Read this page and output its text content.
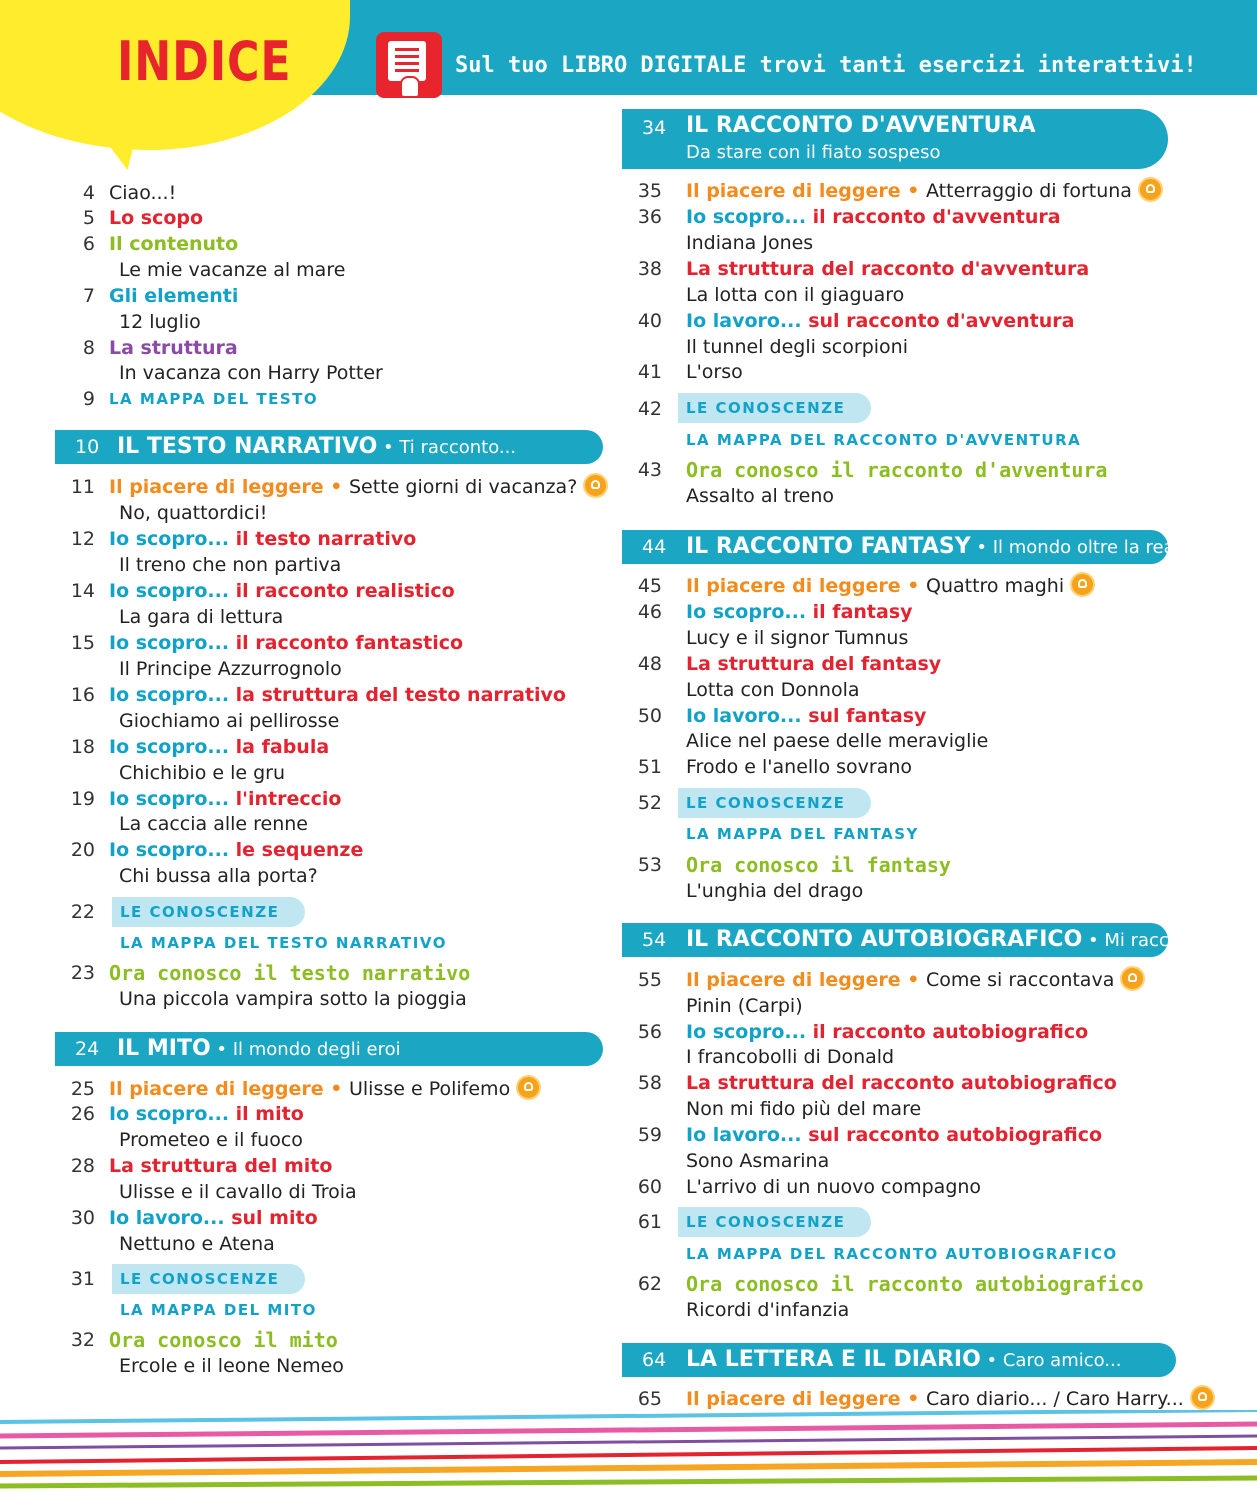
INDICE	Sul tuo LIBRO DIGITALE trovi tanti esercizi interattivi!
4 Ciao...!
5 Lo scopo
6 Il contenuto
Le mie vacanze al mare
7 Gli elementi
12 luglio
8 La struttura
In vacanza con Harry Potter
9 LA MAPPA DEL TESTO
10 IL TESTO NARRATIVO • Ti racconto...
11 Il piacere di leggere • Sette giorni di vacanza?
No, quattordici!
12 Io scopro... il testo narrativo
Il treno che non partiva
14 Io scopro... il racconto realistico
La gara di lettura
15 Io scopro... il racconto fantastico
Il Principe Azzurrognolo
16 Io scopro... la struttura del testo narrativo
Giochiamo ai pellirosse
18 Io scopro... la fabula
Chichibio e le gru
19 Io scopro... l'intreccio
La caccia alle renne
20 Io scopro... le sequenze
Chi bussa alla porta?
22	LE CONOSCENZE
LA MAPPA DEL TESTO NARRATIVO
23 Ora conosco il testo narrativo
Una piccola vampira sotto la pioggia
24 IL MITO • Il mondo degli eroi
25 Il piacere di leggere • Ulisse e Polifemo
26 Io scopro... il mito
Prometeo e il fuoco
28 La struttura del mito
Ulisse e il cavallo di Troia
30 Io lavoro... sul mito
Nettuno e Atena
31	LE CONOSCENZE
LA MAPPA DEL MITO
32 Ora conosco il mito
Ercole e il leone Nemeo
34 IL RACCONTO D'AVVENTURA
Da stare con il fiato sospeso
35 Il piacere di leggere • Atterraggio di fortuna
36 Io scopro... il racconto d'avventura
Indiana Jones
38 La struttura del racconto d'avventura
La lotta con il giaguaro
40 Io lavoro... sul racconto d'avventura
Il tunnel degli scorpioni
41 L'orso
42	LE CONOSCENZE
LA MAPPA DEL RACCONTO D'AVVENTURA
43 Ora conosco il racconto d'avventura
Assalto al treno
44 IL RACCONTO FANTASY • Il mondo oltre la realtà
45 Il piacere di leggere • Quattro maghi
46 Io scopro... il fantasy
Lucy e il signor Tumnus
48 La struttura del fantasy
Lotta con Donnola
50 Io lavoro... sul fantasy
Alice nel paese delle meraviglie
51 Frodo e l'anello sovrano
52	LE CONOSCENZE
LA MAPPA DEL FANTASY
53 Ora conosco il fantasy
L'unghia del drago
54 IL RACCONTO AUTOBIOGRAFICO • Mi racconto...
55 Il piacere di leggere • Come si raccontava
Pinin (Carpi)
56 Io scopro... il racconto autobiografico
I francobolli di Donald
58 La struttura del racconto autobiografico
Non mi fido più del mare
59 Io lavoro... sul racconto autobiografico
Sono Asmarina
60 L'arrivo di un nuovo compagno
61	LE CONOSCENZE
LA MAPPA DEL RACCONTO AUTOBIOGRAFICO
62 Ora conosco il racconto autobiografico
Ricordi d'infanzia
64 LA LETTERA E IL DIARIO • Caro amico...
65 Il piacere di leggere • Caro diario... / Caro Harry...
